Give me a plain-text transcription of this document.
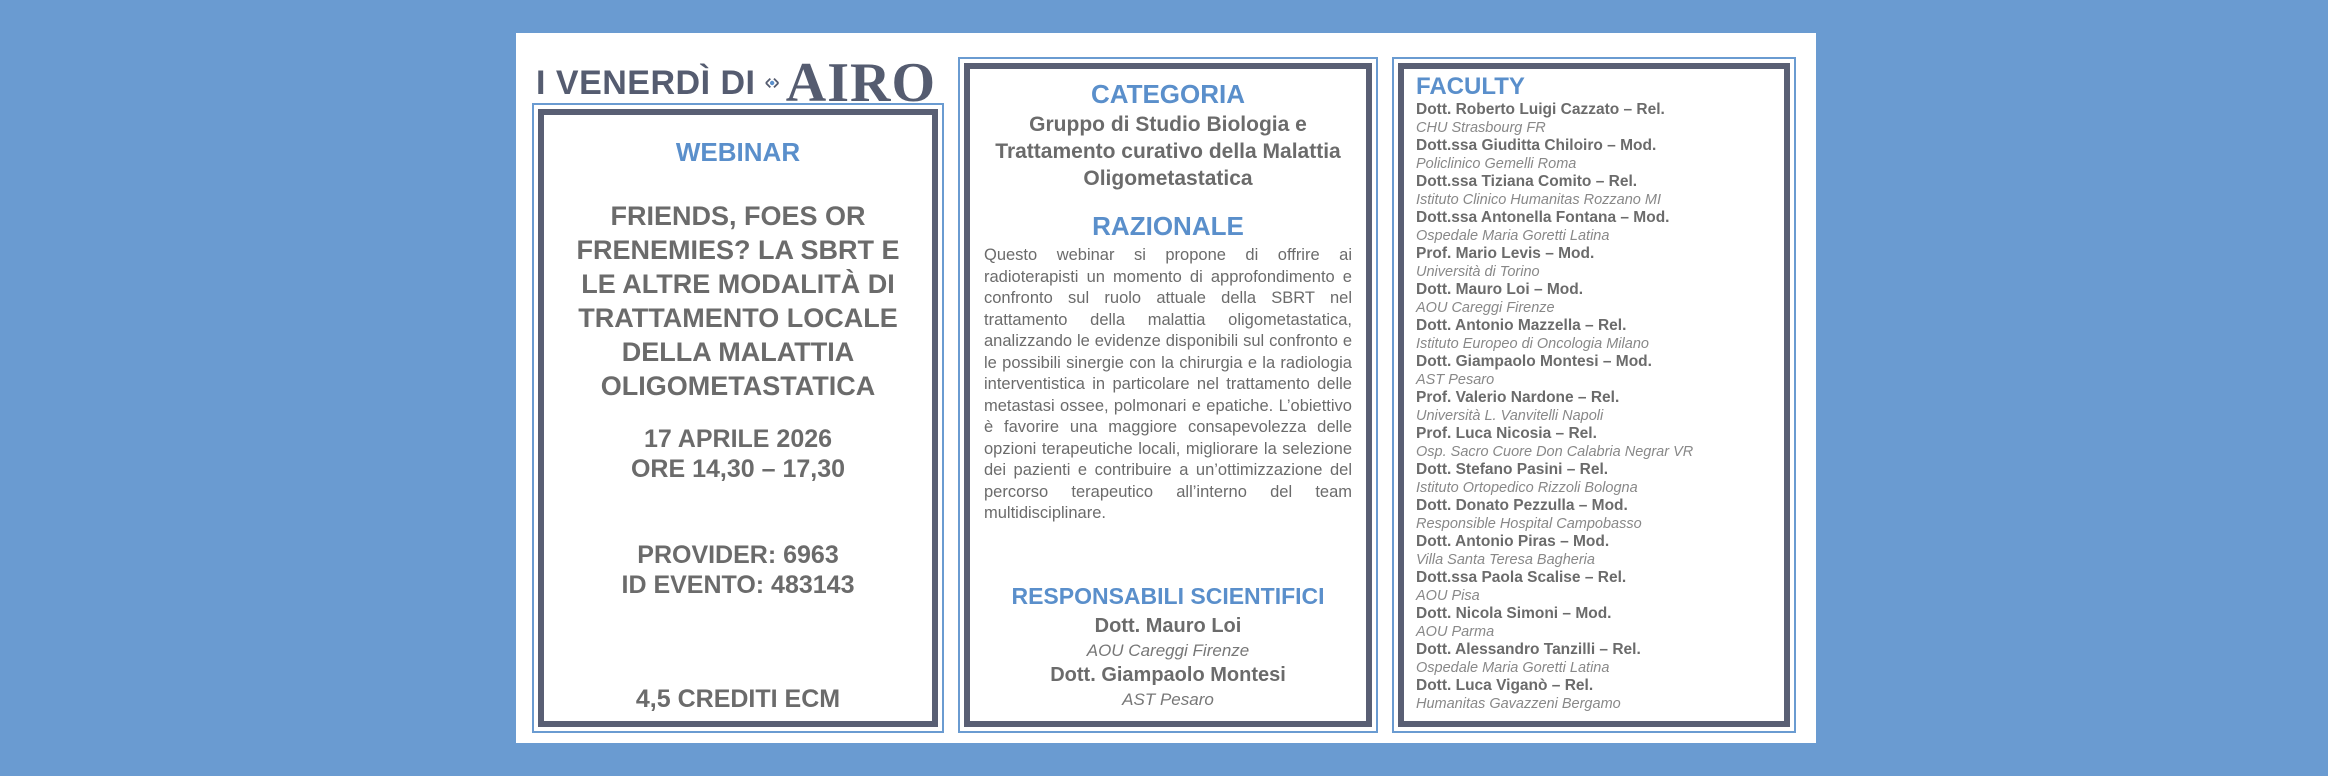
I VENERDÌ DI AIRO
WEBINAR
FRIENDS, FOES OR FRENEMIES? LA SBRT E LE ALTRE MODALITÀ DI TRATTAMENTO LOCALE DELLA MALATTIA OLIGOMETASTATICA
17 APRILE 2026
ORE 14,30 – 17,30
PROVIDER: 6963
ID EVENTO: 483143
4,5 CREDITI ECM
CATEGORIA
Gruppo di Studio Biologia e Trattamento curativo della Malattia Oligometastatica
RAZIONALE
Questo webinar si propone di offrire ai radioterapisti un momento di approfondimento e confronto sul ruolo attuale della SBRT nel trattamento della malattia oligometastatica, analizzando le evidenze disponibili sul confronto e le possibili sinergie con la chirurgia e la radiologia interventistica in particolare nel trattamento delle metastasi ossee, polmonari e epatiche. L’obiettivo è favorire una maggiore consapevolezza delle opzioni terapeutiche locali, migliorare la selezione dei pazienti e contribuire a un’ottimizzazione del percorso terapeutico all’interno del team multidisciplinare.
RESPONSABILI SCIENTIFICI
Dott. Mauro Loi
AOU Careggi Firenze
Dott. Giampaolo Montesi
AST Pesaro
FACULTY
Dott. Roberto Luigi Cazzato – Rel.
CHU Strasbourg FR
Dott.ssa Giuditta Chiloiro – Mod.
Policlinico Gemelli Roma
Dott.ssa Tiziana Comito – Rel.
Istituto Clinico Humanitas Rozzano MI
Dott.ssa Antonella Fontana – Mod.
Ospedale Maria Goretti Latina
Prof. Mario Levis – Mod.
Università di Torino
Dott. Mauro Loi – Mod.
AOU Careggi Firenze
Dott. Antonio Mazzella – Rel.
Istituto Europeo di Oncologia Milano
Dott. Giampaolo Montesi – Mod.
AST Pesaro
Prof. Valerio Nardone – Rel.
Università L. Vanvitelli Napoli
Prof. Luca Nicosia – Rel.
Osp. Sacro Cuore Don Calabria Negrar VR
Dott. Stefano Pasini – Rel.
Istituto Ortopedico Rizzoli Bologna
Dott. Donato Pezzulla – Mod.
Responsible Hospital Campobasso
Dott. Antonio Piras – Mod.
Villa Santa Teresa Bagheria
Dott.ssa Paola Scalise – Rel.
AOU Pisa
Dott. Nicola Simoni – Mod.
AOU Parma
Dott. Alessandro Tanzilli – Rel.
Ospedale Maria Goretti Latina
Dott. Luca Viganò – Rel.
Humanitas Gavazzeni Bergamo
